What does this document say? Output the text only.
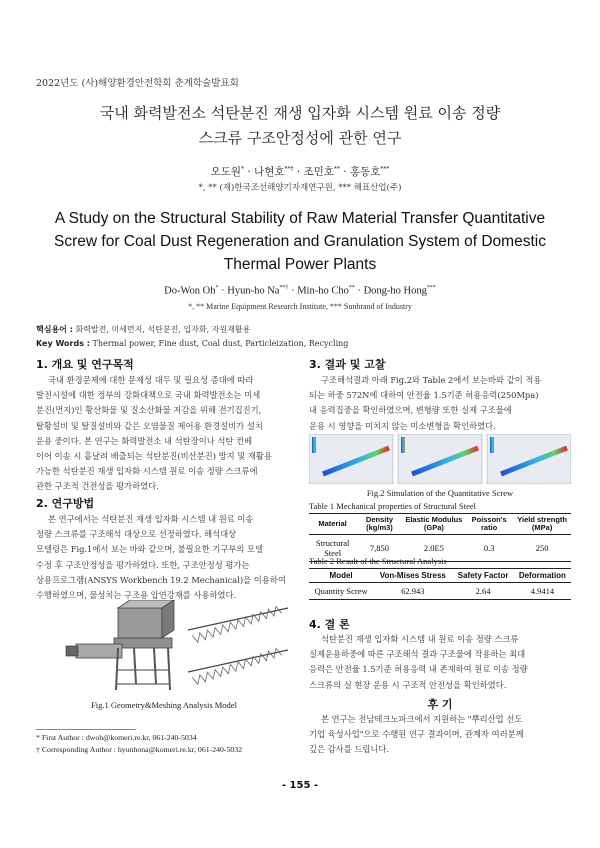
2022년도 (사)해양환경안전학회 춘계학술발표회
국내 화력발전소 석탄분진 재생 입자화 시스템 원료 이송 정량
스크류 구조안정성에 관한 연구
오도원* · 나현호**† · 조민호** · 홍동호***
*, ** (재)한국조선해양기자재연구원, *** 해표산업(주)
A Study on the Structural Stability of Raw Material Transfer Quantitative
Screw for Coal Dust Regeneration and Granulation System of Domestic
Thermal Power Plants
Do-Won Oh* · Hyun-ho Na**† · Min-ho Cho** · Dong-ho Hong***
*, ** Marine Equipment Research Institute, *** Sunbrand of Industry
핵심용어 : 화력발전, 미세먼지, 석탄분진, 입자화, 자원재활용
Key Words : Thermal power, Fine dust, Coal dust, Particleization, Recycling
1. 개요 및 연구목적
국내 환경문제에 대한 문제성 대두 및 필요성 증대에 따라
발전시설에 대한 정부의 강화대책으로 국내 화력발전소는 미세
분진(먼지)인 황산화물 및 질소산화물 저감을 위해 전기집진기,
탈황설비 및 탈질설비와 같은 오염물질 제어용 환경설비가 설치
운용 중이다. 본 연구는 화력발전소 내 석탄장이나 석탄 컨베
이어 이송 시 흩날려 배출되는 석탄분진(비산분진) 방지 및 재활용
가능한 석탄분진 재생 입자화 시스템 원료 이송 정량 스크류에
관한 구조적 건전성을 평가하였다.
2. 연구방법
본 연구에서는 석탄분진 재생 입자화 시스템 내 원료 이송
정량 스크류를 구조해석 대상으로 선정하였다. 해석대상
모델링은 Fig.1에서 보는 바와 같으며, 불필요한 기구부의 모델
수정 후 구조안정성을 평가하였다. 또한, 구조안정성 평가는
상용프로그램(ANSYS Workbench 19.2 Mechanical)을 이용하여
수행하였으며, 물성치는 구조용 압연강재를 사용하였다.
Fig.1 Geometry&Meshing Analysis Model
3. 결과 및 고찰
구조해석결과 아래 Fig.2와 Table 2에서 보는바와 같이 적용
되는 하중 572N에 대하여 안전율 1.5기준 허용응력(250Mpa)
내 응력집중을 확인하였으며, 변형량 또한 실제 구조물에
운용 시 영향을 미치지 않는 미소변형을 확인하였다.
Fig.2 Simulation of the Quantitative Screw
Table 1 Mechanical properties of Structural Steel
Material	Density (kg/m3)	Elastic Modulus (GPa)	Poisson's ratio	Yield strength (MPa)
Structural Steel	7,850	2.0E5	0.3	250
Table 2 Result of the Structural Analysis
Model	Von-Mises Stress	Safety Factor	Deformation
Quantity Screw	62.943	2.64	4.9414
4. 결 론
석탄분진 재생 입자화 시스템 내 원료 이송 정량 스크류
실제운용하중에 따른 구조해석 결과 구조물에 작용하는 최대
응력은 안전율 1.5기준 허용응력 내 존재하여 원료 이송 정량
스크류의 실 현장 운용 시 구조적 안전성을 확인하였다.
후 기
본 연구는 전남테크노파크에서 지원하는 "뿌리산업 선도
기업 육성사업"으로 수행된 연구 결과이며, 관계자 여러분께
깊은 감사를 드립니다.
* First Author : dwoh@komeri.re.kr, 061-240-5034
† Corresponding Author : hyunhona@komeri.re.kr, 061-240-5032
- 155 -
